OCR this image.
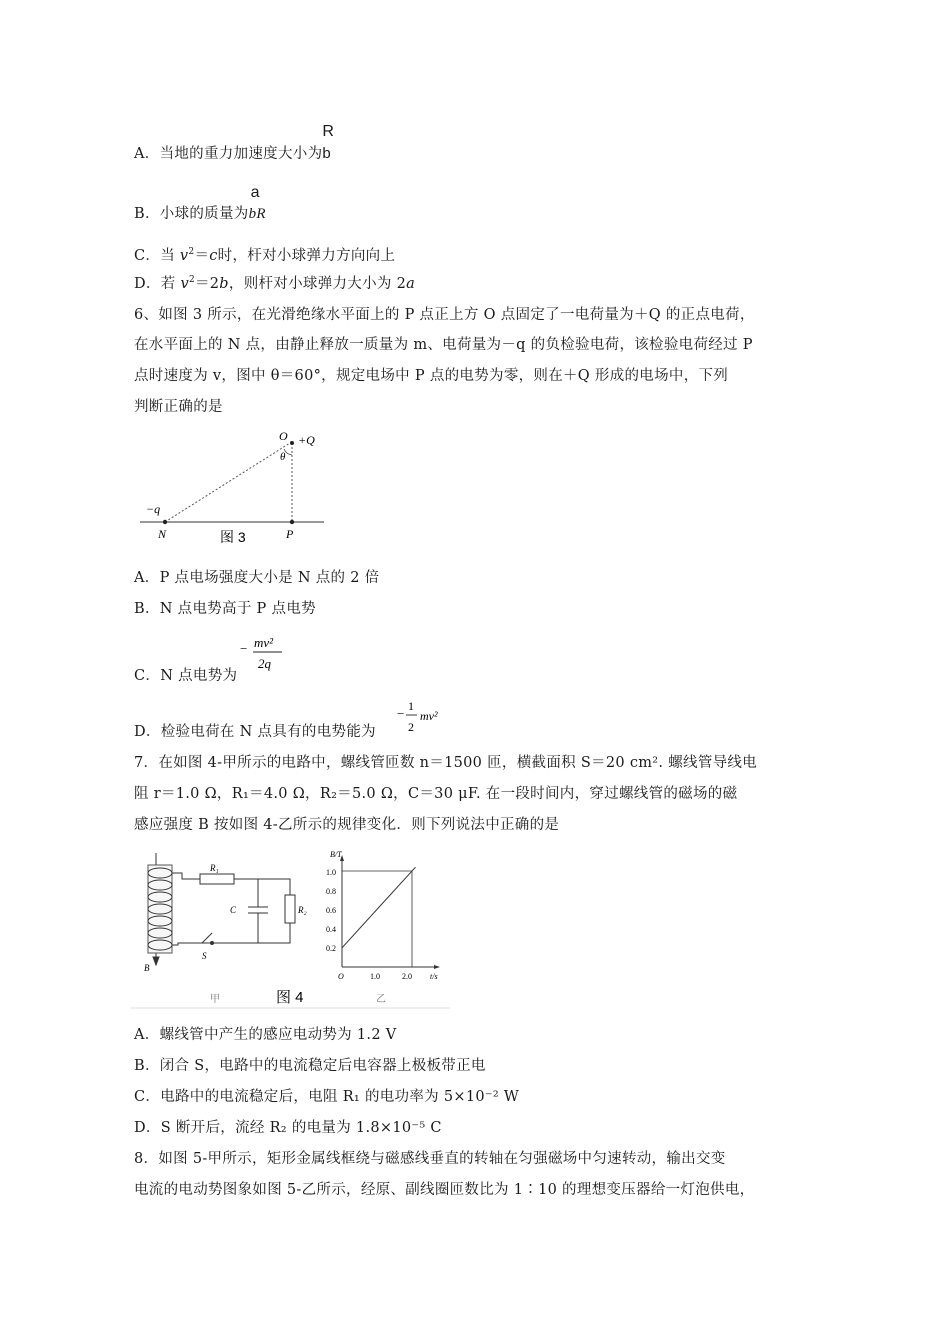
A．当地的重力加速度大小为
R
b
B．小球的质量为
a
bR
C．当 $v^2=c$时，杆对小球弹力方向向上
D．若 $v^2=2b$，则杆对小球弹力大小为 2a
6、如图 3 所示，在光滑绝缘水平面上的 P 点正上方 O 点固定了一电荷量为＋Q 的正点电荷，
在水平面上的 N 点，由静止释放一质量为 m、电荷量为－q 的负检验电荷，该检验电荷经过 P
点时速度为 v，图中 θ＝60°，规定电场中 P 点的电势为零，则在＋Q 形成的电场中，下列
判断正确的是
O +Q
θ
−q
N	P
图 3
A．P 点电场强度大小是 N 点的 2 倍
B．N 点电势高于 P 点电势
C．N 点电势为
− mv²
2q
D．检验电荷在 N 点具有的电势能为
− 1
2
mv²
7．在如图 4-甲所示的电路中，螺线管匝数 n＝1500 匝，横截面积 S＝20 cm². 螺线管导线电
阻 r＝1.0 Ω，R₁＝4.0 Ω，R₂＝5.0 Ω，C＝30 μF. 在一段时间内，穿过螺线管的磁场的磁
感应强度 B 按如图 4-乙所示的规律变化．则下列说法中正确的是
R₁
R₂
C
S
B
B/T
t/s
O
1.0
0.8
0.6
0.4
0.2
1.0	2.0
甲	图 4	乙
A．螺线管中产生的感应电动势为 1.2 V
B．闭合 S，电路中的电流稳定后电容器上极板带正电
C．电路中的电流稳定后，电阻 R₁ 的电功率为 5×10⁻² W
D．S 断开后，流经 R₂ 的电量为 1.8×10⁻⁵ C
8．如图 5-甲所示，矩形金属线框绕与磁感线垂直的转轴在匀强磁场中匀速转动，输出交变
电流的电动势图象如图 5-乙所示，经原、副线圈匝数比为 1∶10 的理想变压器给一灯泡供电，
